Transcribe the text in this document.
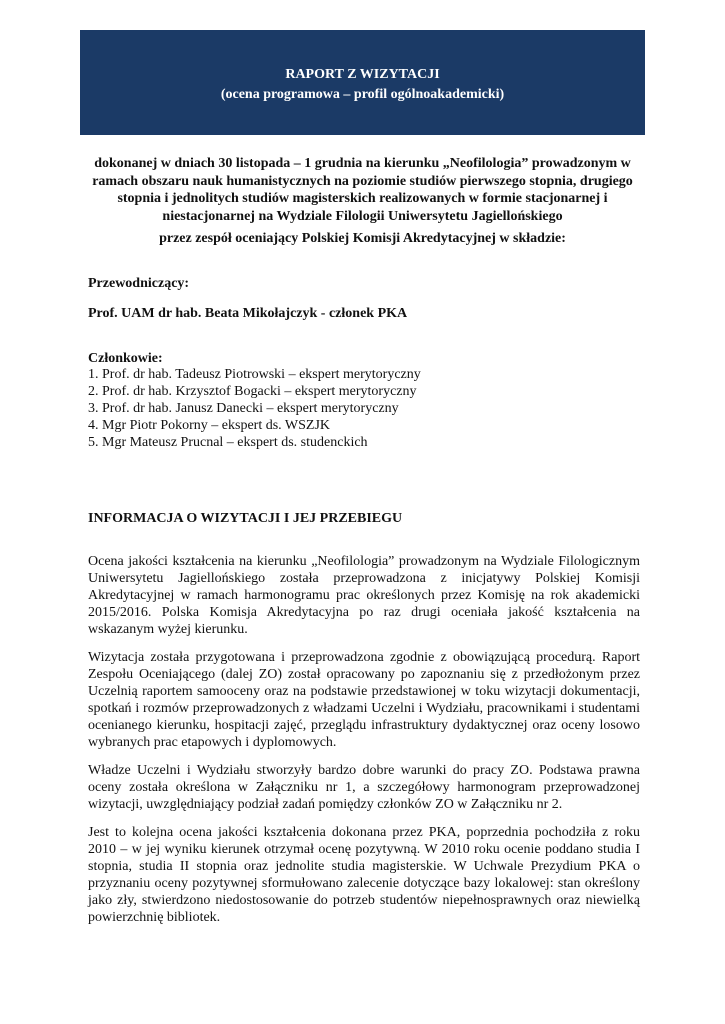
RAPORT Z WIZYTACJI
(ocena programowa – profil ogólnoakademicki)

dokonanej w dniach 30 listopada – 1 grudnia na kierunku „Neofilologia” prowadzonym w ramach obszaru nauk humanistycznych na poziomie studiów pierwszego stopnia, drugiego stopnia i jednolitych studiów magisterskich realizowanych w formie stacjonarnej i niestacjonarnej na Wydziale Filologii Uniwersytetu Jagiellońskiego

przez zespół oceniający Polskiej Komisji Akredytacyjnej w składzie:

Przewodniczący:
Prof. UAM dr hab. Beata Mikołajczyk - członek PKA
Członkowie:
1. Prof. dr hab. Tadeusz Piotrowski – ekspert merytoryczny
2. Prof. dr hab. Krzysztof Bogacki – ekspert merytoryczny
3. Prof. dr hab. Janusz Danecki – ekspert merytoryczny
4. Mgr Piotr Pokorny – ekspert ds. WSZJK
5. Mgr Mateusz Prucnal – ekspert ds. studenckich
INFORMACJA O WIZYTACJI I JEJ PRZEBIEGU

Ocena jakości kształcenia na kierunku „Neofilologia” prowadzonym na Wydziale Filologicznym Uniwersytetu Jagiellońskiego została przeprowadzona z inicjatywy Polskiej Komisji Akredytacyjnej w ramach harmonogramu prac określonych przez Komisję na rok akademicki 2015/2016. Polska Komisja Akredytacyjna po raz drugi oceniała jakość kształcenia na wskazanym wyżej kierunku.

Wizytacja została przygotowana i przeprowadzona zgodnie z obowiązującą procedurą. Raport Zespołu Oceniającego (dalej ZO) został opracowany po zapoznaniu się z przedłożonym przez Uczelnią raportem samooceny oraz na podstawie przedstawionej w toku wizytacji dokumentacji, spotkań i rozmów przeprowadzonych z władzami Uczelni i Wydziału, pracownikami i studentami ocenianego kierunku, hospitacji zajęć, przeglądu infrastruktury dydaktycznej oraz oceny losowo wybranych prac etapowych i dyplomowych.

Władze Uczelni i Wydziału stworzyły bardzo dobre warunki do pracy ZO. Podstawa prawna oceny została określona w Załączniku nr 1, a szczegółowy harmonogram przeprowadzonej wizytacji, uwzględniający podział zadań pomiędzy członków ZO w Załączniku nr 2.

Jest to kolejna ocena jakości kształcenia dokonana przez PKA, poprzednia pochodziła z roku 2010 – w jej wyniku kierunek otrzymał ocenę pozytywną. W 2010 roku ocenie poddano studia I stopnia, studia II stopnia oraz jednolite studia magisterskie. W Uchwale Prezydium PKA o przyznaniu oceny pozytywnej sformułowano zalecenie dotyczące bazy lokalowej: stan określony jako zły, stwierdzono niedostosowanie do potrzeb studentów niepełnosprawnych oraz niewielką powierzchnię bibliotek.
